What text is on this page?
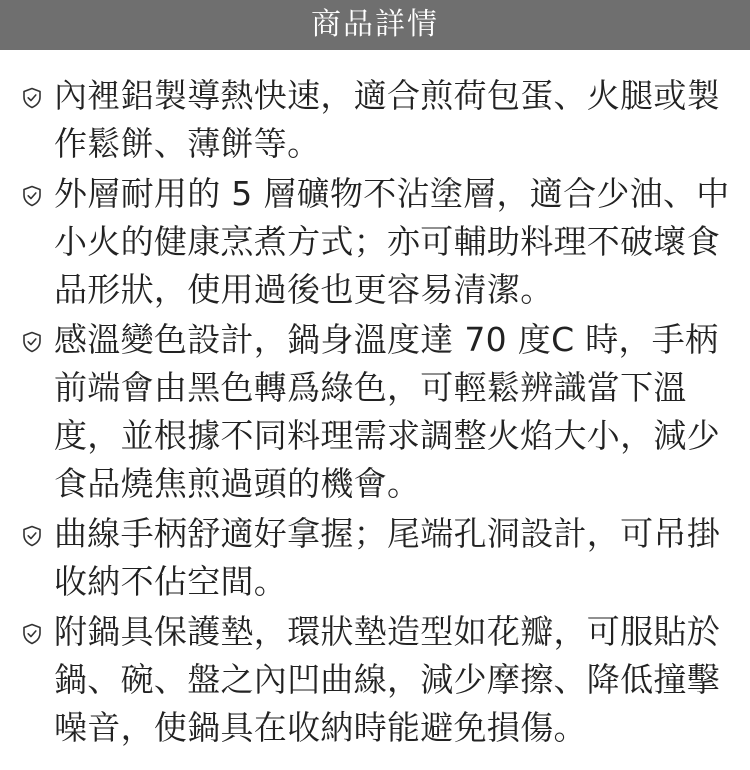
商品詳情
內裡鋁製導熱快速，適合煎荷包蛋、火腿或製作鬆餅、薄餅等。
外層耐用的 5 層礦物不沾塗層，適合少油、中小火的健康烹煮方式；亦可輔助料理不破壞食品形狀，使用過後也更容易清潔。
感溫變色設計，鍋身溫度達 70 度C 時，手柄前端會由黑色轉爲綠色，可輕鬆辨識當下溫度，並根據不同料理需求調整火焰大小，減少食品燒焦煎過頭的機會。
曲線手柄舒適好拿握；尾端孔洞設計，可吊掛收納不佔空間。
附鍋具保護墊，環狀墊造型如花瓣，可服貼於鍋、碗、盤之內凹曲線，減少摩擦、降低撞擊噪音，使鍋具在收納時能避免損傷。
